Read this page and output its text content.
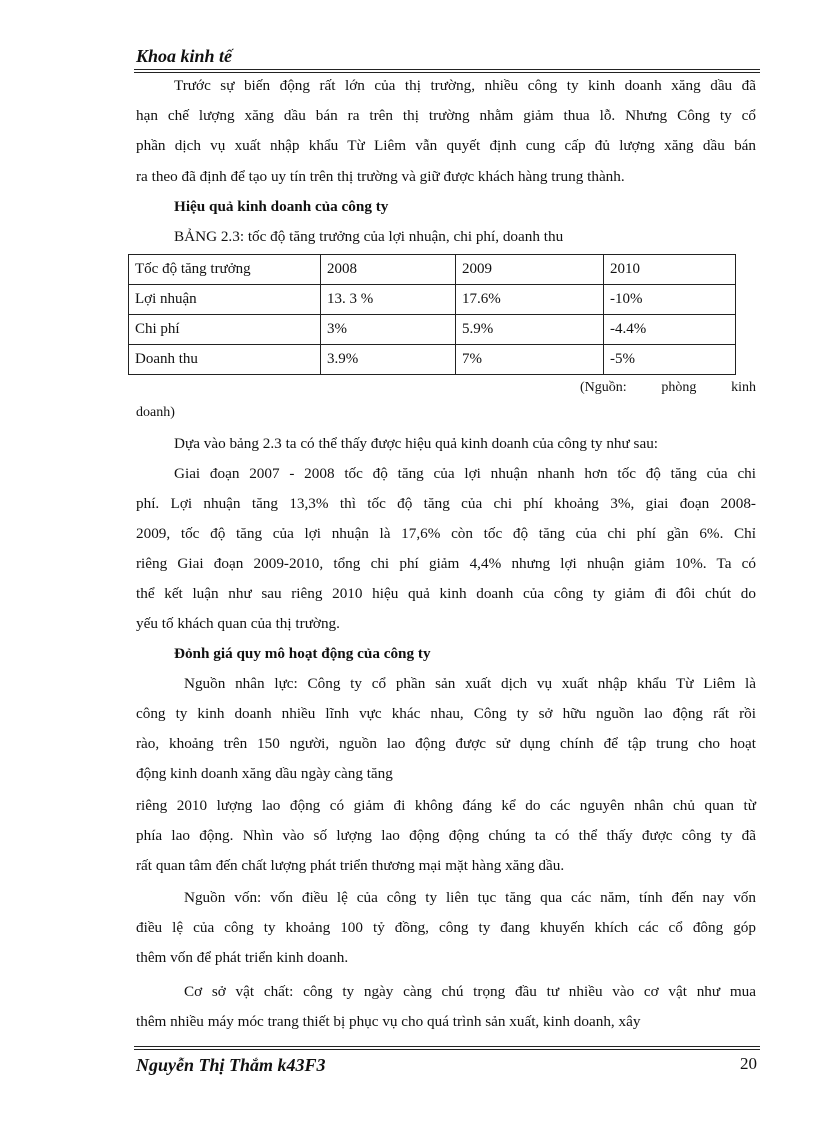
Khoa kinh tế
Trước sự biến động rất lớn của thị trường, nhiều công ty kinh doanh xăng dầu đã
hạn chế lượng xăng dầu bán ra trên thị trường nhằm giảm thua lỗ. Nhưng Công ty cổ
phần dịch vụ xuất nhập khẩu Từ Liêm vẫn quyết định cung cấp đủ lượng xăng dầu bán
ra theo đã định để tạo uy tín trên thị trường và giữ được khách hàng trung thành.
Hiệu quả kinh doanh của công ty
BẢNG 2.3: tốc độ tăng trưởng của lợi nhuận, chi phí, doanh thu
Tốc độ tăng trưởng	2008	2009	2010
Lợi nhuận	13. 3 %	17.6%	-10%
Chi phí	3%	5.9%	-4.4%
Doanh thu	3.9%	7%	-5%
(Nguồn: phòng kinh
doanh)
Dựa vào bảng 2.3 ta có thể thấy được hiệu quả kinh doanh của công ty như sau:
Giai đoạn 2007 - 2008 tốc độ tăng của lợi nhuận nhanh hơn tốc độ tăng của chi
phí. Lợi nhuận tăng 13,3% thì tốc độ tăng của chi phí khoảng 3%, giai đoạn 2008-
2009, tốc độ tăng của lợi nhuận là 17,6% còn tốc độ tăng của chi phí gần 6%. Chỉ
riêng Giai đoạn 2009-2010, tổng chi phí giảm 4,4% nhưng lợi nhuận giảm 10%. Ta có
thể kết luận như sau riêng 2010 hiệu quả kinh doanh của công ty giảm đi đôi chút do
yếu tố khách quan của thị trường.
Đỏnh giá quy mô hoạt động của công ty
Nguồn nhân lực: Công ty cổ phần sản xuất dịch vụ xuất nhập khẩu Từ Liêm là
công ty kinh doanh nhiều lĩnh vực khác nhau, Công ty sở hữu nguồn lao động rất rồi
rào, khoảng trên 150 người, nguồn lao động được sử dụng chính để tập trung cho hoạt
động kinh doanh xăng dầu ngày càng tăng
riêng 2010 lượng lao động có giảm đi không đáng kể do các nguyên nhân chủ quan từ
phía lao động. Nhìn vào số lượng lao động động chúng ta có thể thấy được công ty đã
rất quan tâm đến chất lượng phát triển thương mại mặt hàng xăng dầu.
Nguồn vốn: vốn điều lệ của công ty liên tục tăng qua các năm, tính đến nay vốn
điều lệ của công ty khoảng 100 tỷ đồng, công ty đang khuyến khích các cổ đông góp
thêm vốn để phát triển kinh doanh.
Cơ sở vật chất: công ty ngày càng chú trọng đầu tư nhiều vào cơ vật như mua
thêm nhiều máy móc trang thiết bị phục vụ cho quá trình sản xuất, kinh doanh, xây
Nguyễn Thị Thắm k43F3	20
